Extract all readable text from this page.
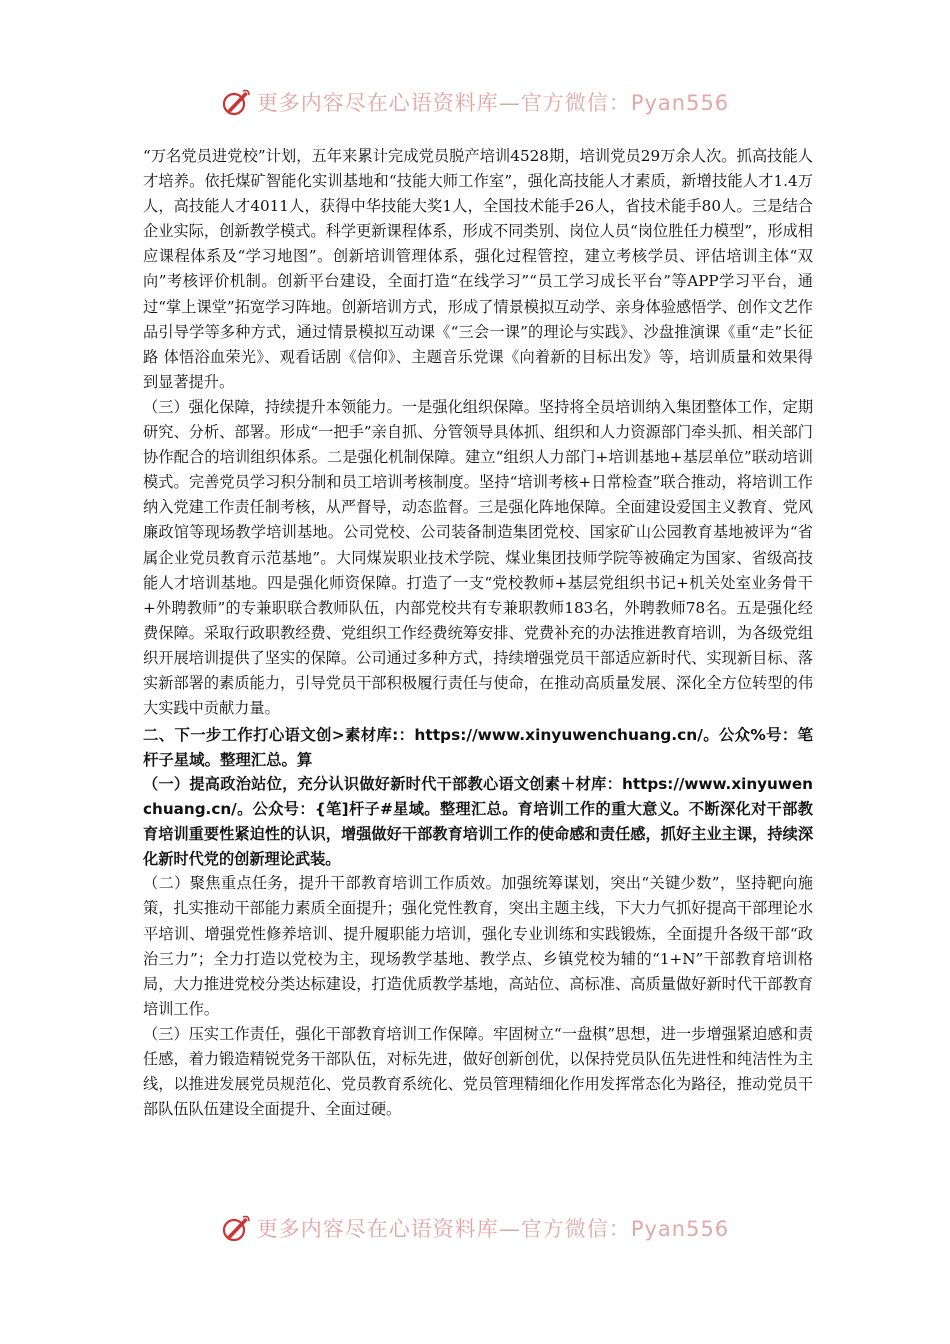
更多内容尽在心语资料库—官方微信：Pyan556

“万名党员进党校”计划，五年来累计完成党员脱产培训4528期，培训党员29万余人次。抓高技能人才培养。依托煤矿智能化实训基地和“技能大师工作室”，强化高技能人才素质，新增技能人才1.4万人，高技能人才4011人，获得中华技能大奖1人，全国技术能手26人，省技术能手80人。三是结合企业实际，创新教学模式。科学更新课程体系，形成不同类别、岗位人员“岗位胜任力模型”，形成相应课程体系及“学习地图”。创新培训管理体系，强化过程管控，建立考核学员、评估培训主体“双向”考核评价机制。创新平台建设，全面打造“在线学习”“员工学习成长平台”等APP学习平台，通过“掌上课堂”拓宽学习阵地。创新培训方式，形成了情景模拟互动学、亲身体验感悟学、创作文艺作品引导学等多种方式，通过情景模拟互动课《“三会一课”的理论与实践》、沙盘推演课《重“走”长征路 体悟浴血荣光》、观看话剧《信仰》、主题音乐党课《向着新的目标出发》等，培训质量和效果得到显著提升。

（三）强化保障，持续提升本领能力。一是强化组织保障。坚持将全员培训纳入集团整体工作，定期研究、分析、部署。形成“一把手”亲自抓、分管领导具体抓、组织和人力资源部门牵头抓、相关部门协作配合的培训组织体系。二是强化机制保障。建立“组织人力部门+培训基地+基层单位”联动培训模式。完善党员学习积分制和员工培训考核制度。坚持“培训考核+日常检查”联合推动，将培训工作纳入党建工作责任制考核，从严督导，动态监督。三是强化阵地保障。全面建设爱国主义教育、党风廉政馆等现场教学培训基地。公司党校、公司装备制造集团党校、国家矿山公园教育基地被评为“省属企业党员教育示范基地”。大同煤炭职业技术学院、煤业集团技师学院等被确定为国家、省级高技能人才培训基地。四是强化师资保障。打造了一支“党校教师+基层党组织书记+机关处室业务骨干+外聘教师”的专兼职联合教师队伍，内部党校共有专兼职教师183名，外聘教师78名。五是强化经费保障。采取行政职教经费、党组织工作经费统筹安排、党费补充的办法推进教育培训，为各级党组织开展培训提供了坚实的保障。公司通过多种方式，持续增强党员干部适应新时代、实现新目标、落实新部署的素质能力，引导党员干部积极履行责任与使命，在推动高质量发展、深化全方位转型的伟大实践中贡献力量。

二、下一步工作打心语文创>素材库:：https://www.xinyuwenchuang.cn/。公众%号：笔杆子星域。整理汇总。算

（一）提高政治站位，充分认识做好新时代干部教心语文创素＋材库：https://www.xinyuwenchuang.cn/。公众号：{笔]杆子#星域。整理汇总。育培训工作的重大意义。不断深化对干部教育培训重要性紧迫性的认识，增强做好干部教育培训工作的使命感和责任感，抓好主业主课，持续深化新时代党的创新理论武装。

（二）聚焦重点任务，提升干部教育培训工作质效。加强统筹谋划，突出“关键少数”，坚持靶向施策，扎实推动干部能力素质全面提升；强化党性教育，突出主题主线，下大力气抓好提高干部理论水平培训、增强党性修养培训、提升履职能力培训，强化专业训练和实践锻炼，全面提升各级干部“政治三力”；全力打造以党校为主，现场教学基地、教学点、乡镇党校为辅的“1+N”干部教育培训格局，大力推进党校分类达标建设，打造优质教学基地，高站位、高标准、高质量做好新时代干部教育培训工作。

（三）压实工作责任，强化干部教育培训工作保障。牢固树立“一盘棋”思想，进一步增强紧迫感和责任感，着力锻造精锐党务干部队伍，对标先进，做好创新创优，以保持党员队伍先进性和纯洁性为主线，以推进发展党员规范化、党员教育系统化、党员管理精细化作用发挥常态化为路径，推动党员干部队伍队伍建设全面提升、全面过硬。

更多内容尽在心语资料库—官方微信：Pyan556
